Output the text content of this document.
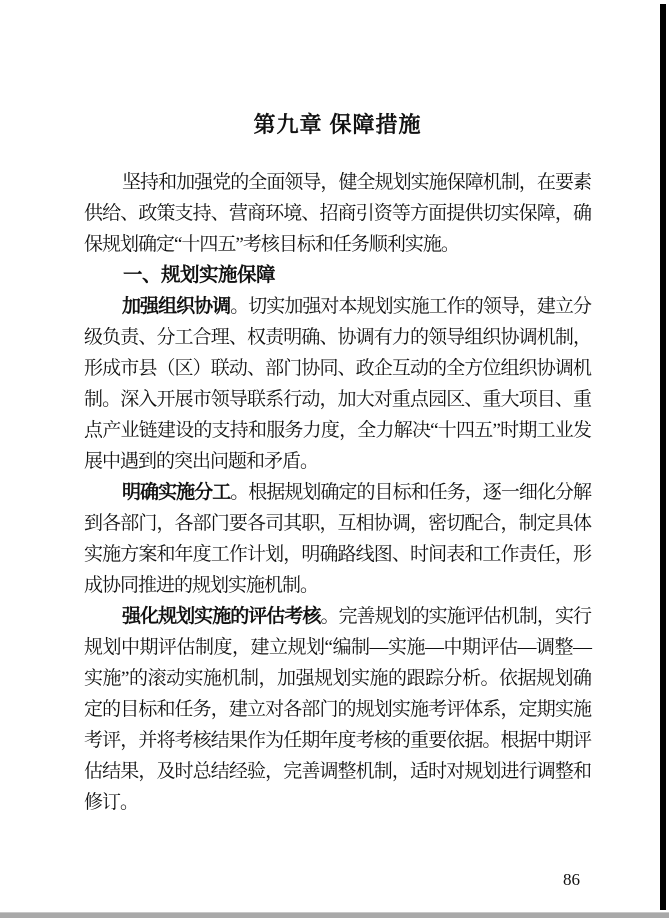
第九章 保障措施

坚持和加强党的全面领导，健全规划实施保障机制，在要素供给、政策支持、营商环境、招商引资等方面提供切实保障，确保规划确定“十四五”考核目标和任务顺利实施。

一、规划实施保障

加强组织协调。切实加强对本规划实施工作的领导，建立分级负责、分工合理、权责明确、协调有力的领导组织协调机制，形成市县（区）联动、部门协同、政企互动的全方位组织协调机制。深入开展市领导联系行动，加大对重点园区、重大项目、重点产业链建设的支持和服务力度，全力解决“十四五”时期工业发展中遇到的突出问题和矛盾。

明确实施分工。根据规划确定的目标和任务，逐一细化分解到各部门，各部门要各司其职，互相协调，密切配合，制定具体实施方案和年度工作计划，明确路线图、时间表和工作责任，形成协同推进的规划实施机制。

强化规划实施的评估考核。完善规划的实施评估机制，实行规划中期评估制度，建立规划“编制—实施—中期评估—调整—实施”的滚动实施机制，加强规划实施的跟踪分析。依据规划确定的目标和任务，建立对各部门的规划实施考评体系，定期实施考评，并将考核结果作为任期年度考核的重要依据。根据中期评估结果，及时总结经验，完善调整机制，适时对规划进行调整和修订。

86
